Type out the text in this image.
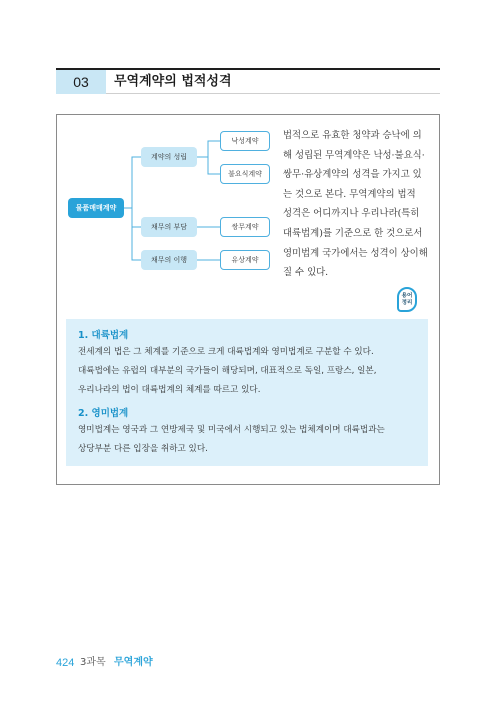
03	무역계약의 법적성격
물품매매계약
계약의 성립
채무의 부담
채무의 이행
낙성계약
불요식계약
쌍무계약
유상계약
법적으로 유효한 청약과 승낙에 의
해 성립된 무역계약은 낙성·불요식·
쌍무·유상계약의 성격을 가지고 있
는 것으로 본다. 무역계약의 법적
성격은 어디까지나 우리나라(특히
대륙법계)를 기준으로 한 것으로서
영미법계 국가에서는 성격이 상이해
질 수 있다.
용어
정리
1. 대륙법계
전세계의 법은 그 체계를 기준으로 크게 대륙법계와 영미법계로 구분할 수 있다.
대륙법에는 유럽의 대부분의 국가들이 해당되며, 대표적으로 독일, 프랑스, 일본,
우리나라의 법이 대륙법계의 체계를 따르고 있다.
2. 영미법계
영미법계는 영국과 그 연방제국 및 미국에서 시행되고 있는 법체계이며 대륙법과는
상당부분 다른 입장을 취하고 있다.
424 3과목 무역계약
